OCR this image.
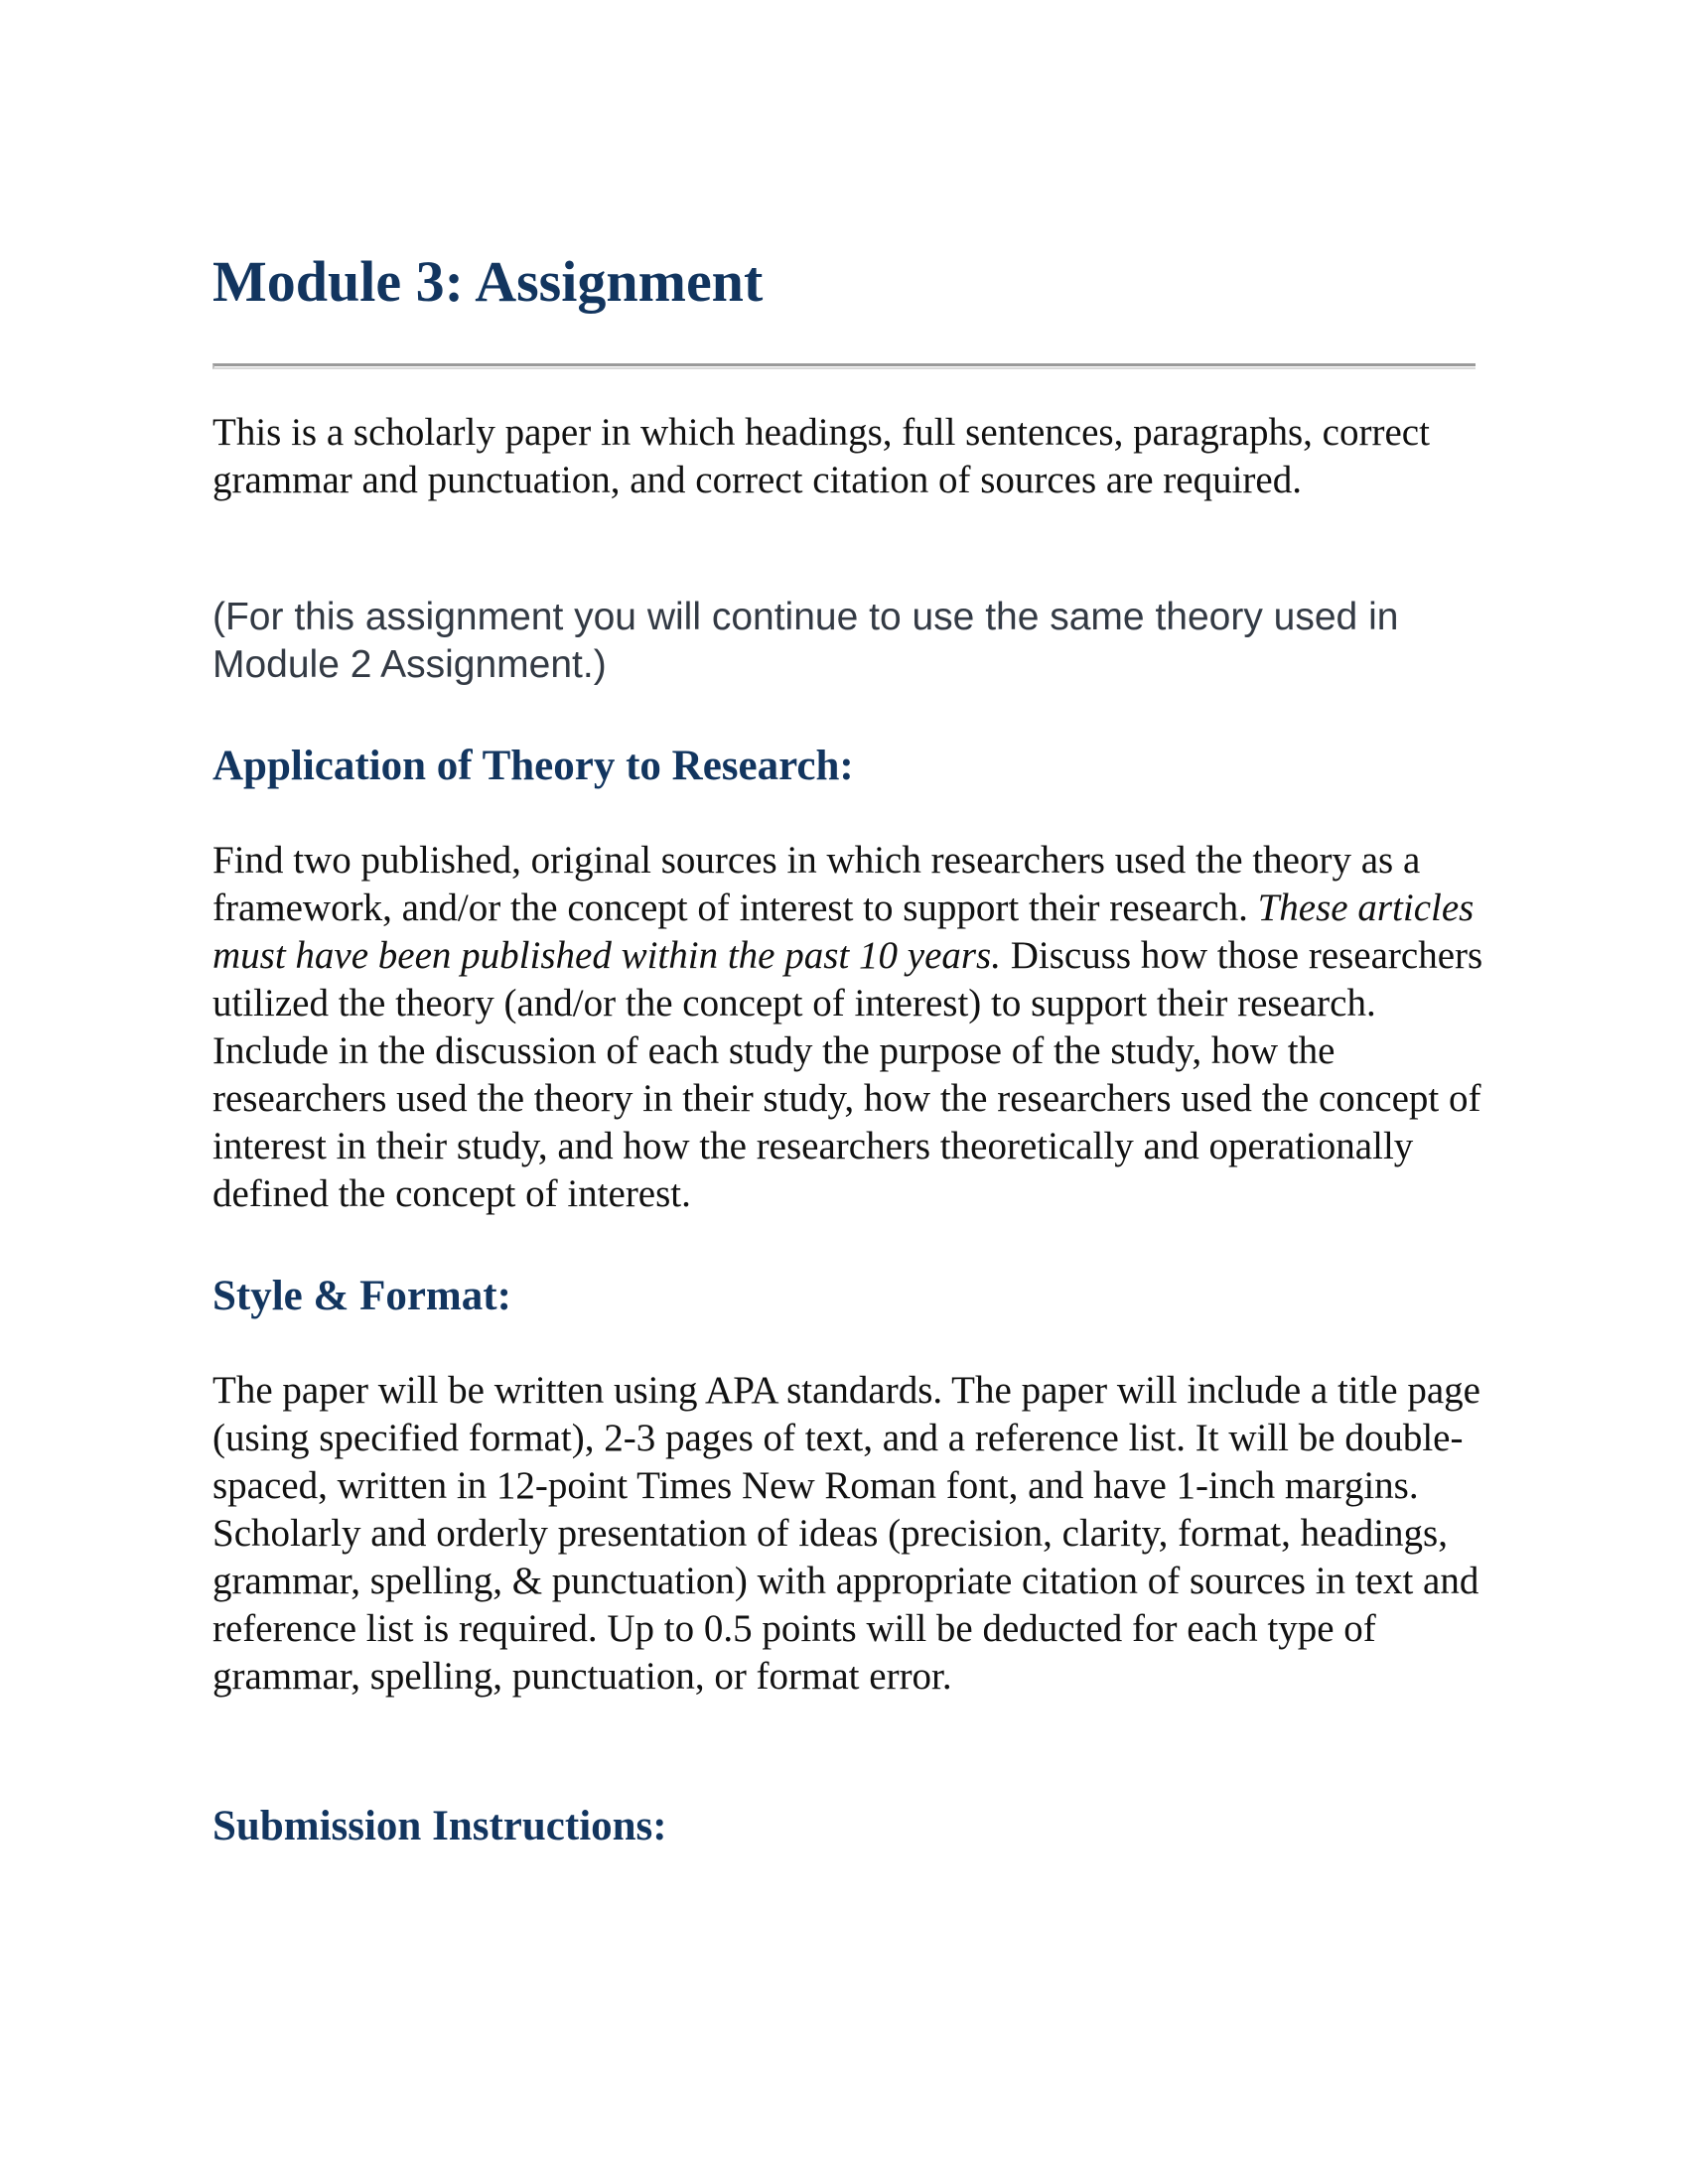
Module 3: Assignment

This is a scholarly paper in which headings, full sentences, paragraphs, correct grammar and punctuation, and correct citation of sources are required.

(For this assignment you will continue to use the same theory used in Module 2 Assignment.)

Application of Theory to Research:

Find two published, original sources in which researchers used the theory as a framework, and/or the concept of interest to support their research. These articles must have been published within the past 10 years. Discuss how those researchers utilized the theory (and/or the concept of interest) to support their research. Include in the discussion of each study the purpose of the study, how the researchers used the theory in their study, how the researchers used the concept of interest in their study, and how the researchers theoretically and operationally defined the concept of interest.

Style & Format:

The paper will be written using APA standards. The paper will include a title page (using specified format), 2-3 pages of text, and a reference list. It will be double-spaced, written in 12-point Times New Roman font, and have 1-inch margins. Scholarly and orderly presentation of ideas (precision, clarity, format, headings, grammar, spelling, & punctuation) with appropriate citation of sources in text and reference list is required. Up to 0.5 points will be deducted for each type of grammar, spelling, punctuation, or format error.

Submission Instructions:
